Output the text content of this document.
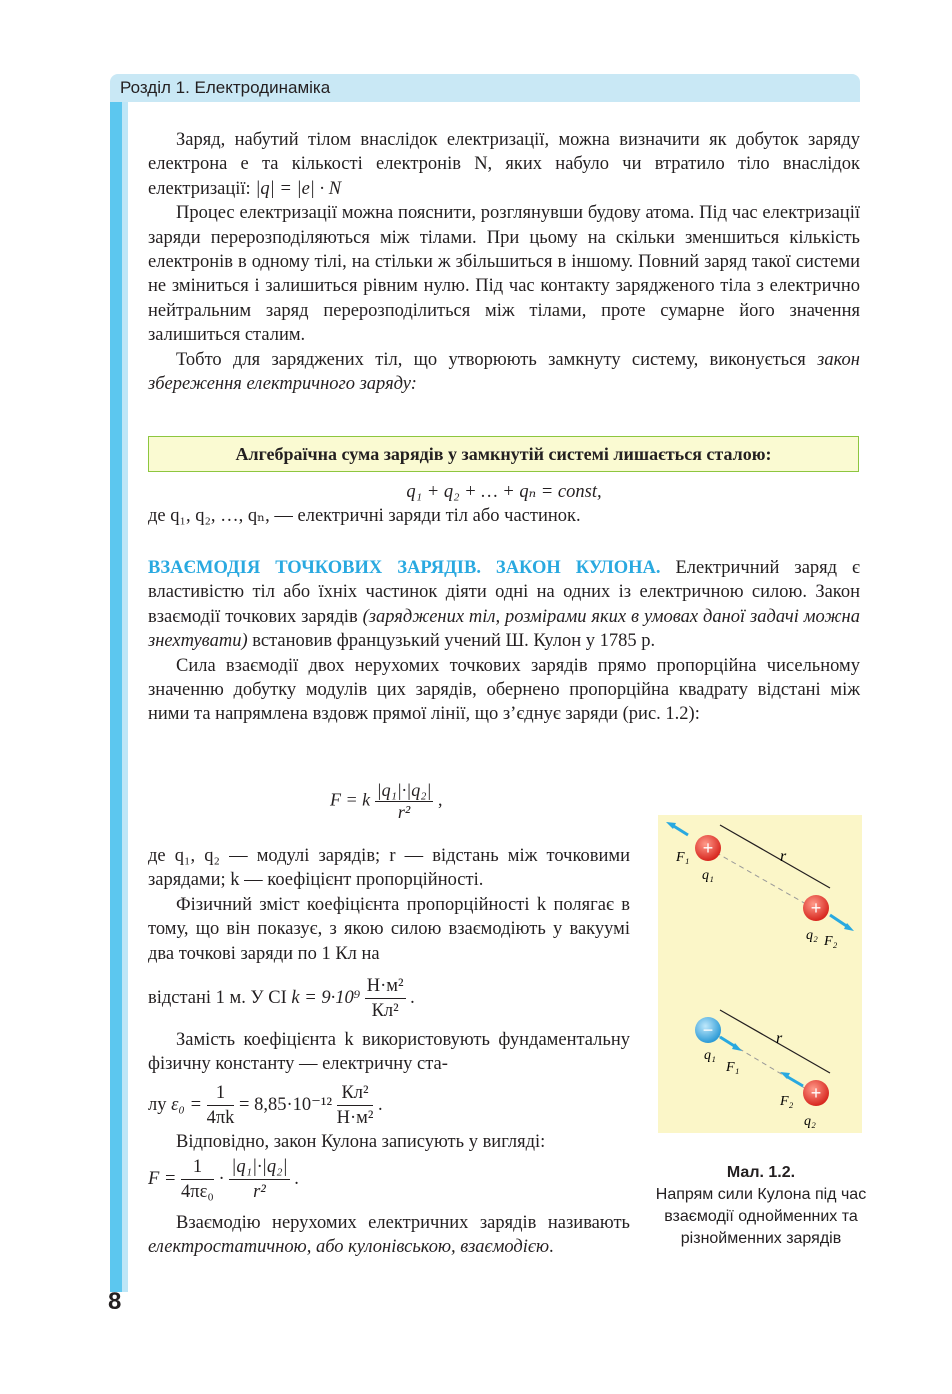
Розділ 1. Електродинаміка

Заряд, набутий тілом внаслідок електризації, можна визначити як добуток заряду електрона e та кількості електронів N, яких набуло чи втратило тіло внаслідок електризації: |q| = |e| · N

Процес електризації можна пояснити, розглянувши будову атома. Під час електризації заряди перерозподіляються між тілами. При цьому на скільки зменшиться кількість електронів в одному тілі, на стільки ж збільшиться в іншому. Повний заряд такої системи не зміниться і залишиться рівним нулю. Під час контакту зарядженого тіла з електрично нейтральним заряд перерозподілиться між тілами, проте сумарне його значення залишиться сталим.

Тобто для заряджених тіл, що утворюють замкнуту систему, виконується закон збереження електричного заряду:

Алгебраїчна сума зарядів у замкнутій системі лишається сталою:

q₁ + q₂ + … + qₙ = const,

де q₁, q₂, …, qₙ, — електричні заряди тіл або частинок.

ВЗАЄМОДІЯ ТОЧКОВИХ ЗАРЯДІВ. ЗАКОН КУЛОНА. Електричний заряд є властивістю тіл або їхніх частинок діяти одні на одних із електричною силою. Закон взаємодії точкових зарядів (заряджених тіл, розмірами яких в умовах даної задачі можна знехтувати) встановив французький учений Ш. Кулон у 1785 р.

Сила взаємодії двох нерухомих точкових зарядів прямо пропорційна чисельному значенню добутку модулів цих зарядів, обернено пропорційна квадрату відстані між ними та напрямлена вздовж прямої лінії, що з’єднує заряди (рис. 1.2):

F = k $\frac{\text{|q₁|·|q₂|}}{\text{r²}}$ ,

де q₁, q₂ — модулі зарядів; r — відстань між точковими зарядами; k — коефіцієнт пропорційності.

Фізичний зміст коефіцієнта пропорційності k полягає в тому, що він показує, з якою силою взаємодіють у вакуумі два точкові заряди по 1 Кл на

відстані 1 м. У СІ $k = 9\cdot 10^9 \frac{\text{Н·м²}}{\text{Кл²}}$ .

Замість коефіцієнта k використовують фундаментальну фізичну константу — електричну ста-

лу $\varepsilon_0 = \frac{1}{4\pi k} = 8,85\cdot 10^{-12} \frac{\text{Кл²}}{\text{Н·м²}}$ .

Відповідно, закон Кулона записують у вигляді:

$F = \frac{1}{\text{4πε₀}} \cdot \frac{\text{|q₁|·|q₂|}}{\text{r²}}$ .

Взаємодію нерухомих електричних зарядів називають електростатичною, або кулонівською, взаємодією.

+
+
r
F₁
q₁
q₂ F₂
−
+
r
q₁
F₁
F₂
q₂
Мал. 1.2.
Напрям сили Кулона під час взаємодії однойменних та різнойменних зарядів
8
